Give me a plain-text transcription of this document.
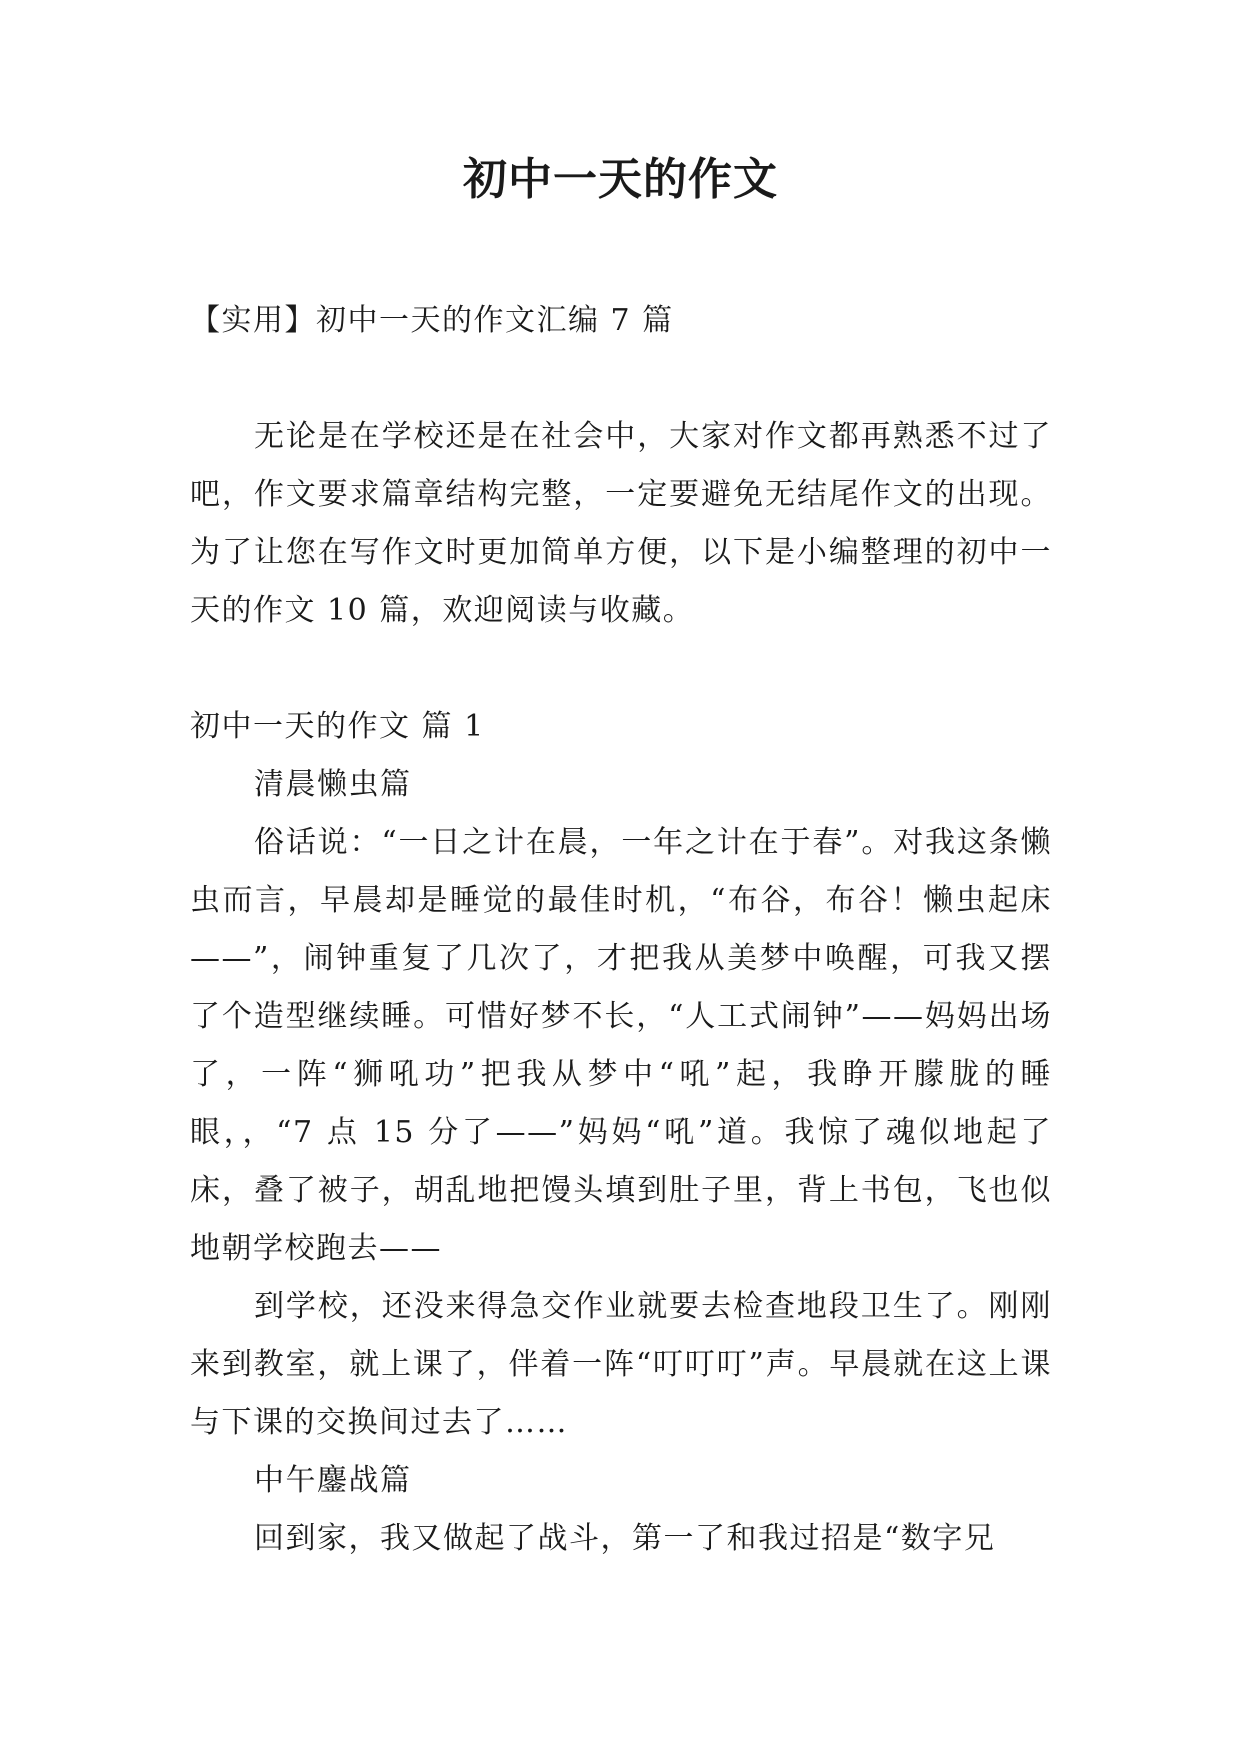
初中一天的作文

【实用】初中一天的作文汇编 7 篇

无论是在学校还是在社会中，大家对作文都再熟悉不过了吧，作文要求篇章结构完整，一定要避免无结尾作文的出现。为了让您在写作文时更加简单方便，以下是小编整理的初中一天的作文 10 篇，欢迎阅读与收藏。

初中一天的作文 篇 1

清晨懒虫篇

俗话说：“一日之计在晨，一年之计在于春”。对我这条懒虫而言，早晨却是睡觉的最佳时机，“布谷，布谷！懒虫起床——”，闹钟重复了几次了，才把我从美梦中唤醒，可我又摆了个造型继续睡。可惜好梦不长，“人工式闹钟”——妈妈出场了，一阵“狮吼功”把我从梦中“吼”起，我睁开朦胧的睡眼，，“7 点 15 分了——”妈妈“吼”道。我惊了魂似地起了床，叠了被子，胡乱地把馒头填到肚子里，背上书包，飞也似地朝学校跑去——

到学校，还没来得急交作业就要去检查地段卫生了。刚刚来到教室，就上课了，伴着一阵“叮叮叮”声。早晨就在这上课与下课的交换间过去了……

中午鏖战篇

回到家，我又做起了战斗，第一了和我过招是“数字兄
